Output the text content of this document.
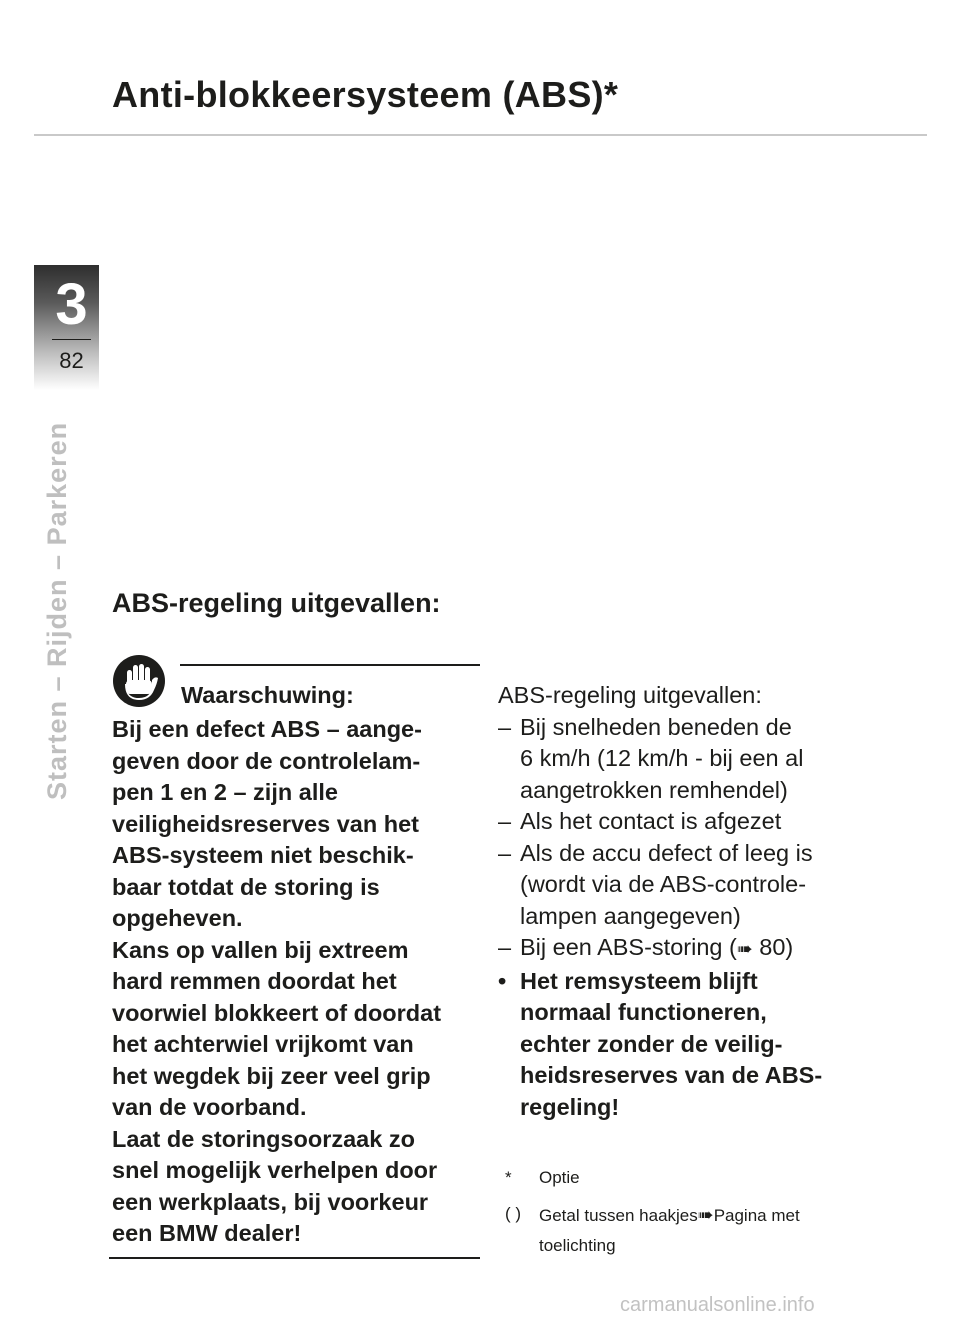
Anti-blokkeersysteem (ABS)*
3
82
Starten – Rijden – Parkeren ABS-regeling uitgevallen:
Waarschuwing:
Bij een defect ABS – aange-
geven door de controlelam-
pen 1 en 2 – zijn alle
veiligheidsreserves van het
ABS-systeem niet beschik-
baar totdat de storing is
opgeheven.
Kans op vallen bij extreem
hard remmen doordat het
voorwiel blokkeert of doordat
het achterwiel vrijkomt van
het wegdek bij zeer veel grip
van de voorband.
Laat de storingsoorzaak zo
snel mogelijk verhelpen door
een werkplaats, bij voorkeur
een BMW dealer!
ABS-regeling uitgevallen:
– Bij snelheden beneden de
6 km/h (12 km/h - bij een al
aangetrokken remhendel)
– Als het contact is afgezet
– Als de accu defect of leeg is
(wordt via de ABS-controle-
lampen aangegeven)
– Bij een ABS-storing (➠ 80)
• Het remsysteem blijft
normaal functioneren,
echter zonder de veilig-
heidsreserves van de ABS-
regeling!
*	Optie
( )	Getal tussen haakjes➠Pagina met
toelichting
carmanualsonline.info
